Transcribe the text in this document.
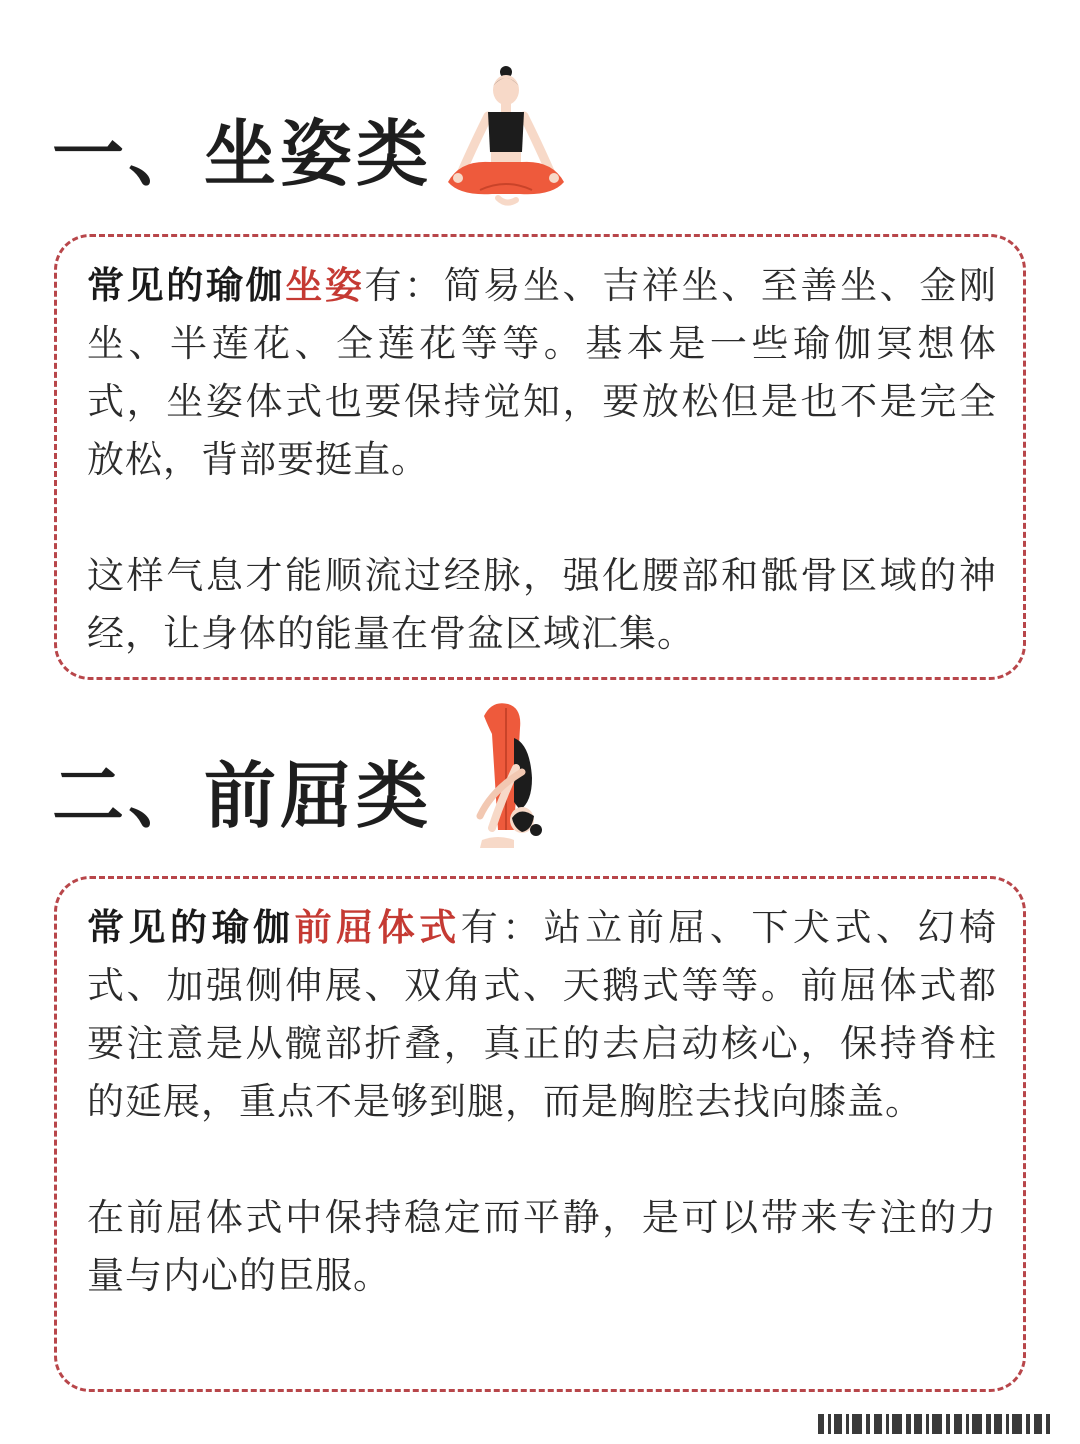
一、坐姿类

常见的瑜伽坐姿有：简易坐、吉祥坐、至善坐、金刚坐、半莲花、全莲花等等。基本是一些瑜伽冥想体式，坐姿体式也要保持觉知，要放松但是也不是完全放松，背部要挺直。

这样气息才能顺流过经脉，强化腰部和骶骨区域的神经，让身体的能量在骨盆区域汇集。

二、前屈类

常见的瑜伽前屈体式有：站立前屈、下犬式、幻椅式、加强侧伸展、双角式、天鹅式等等。前屈体式都要注意是从髋部折叠，真正的去启动核心，保持脊柱的延展，重点不是够到腿，而是胸腔去找向膝盖。

在前屈体式中保持稳定而平静，是可以带来专注的力量与内心的臣服。
